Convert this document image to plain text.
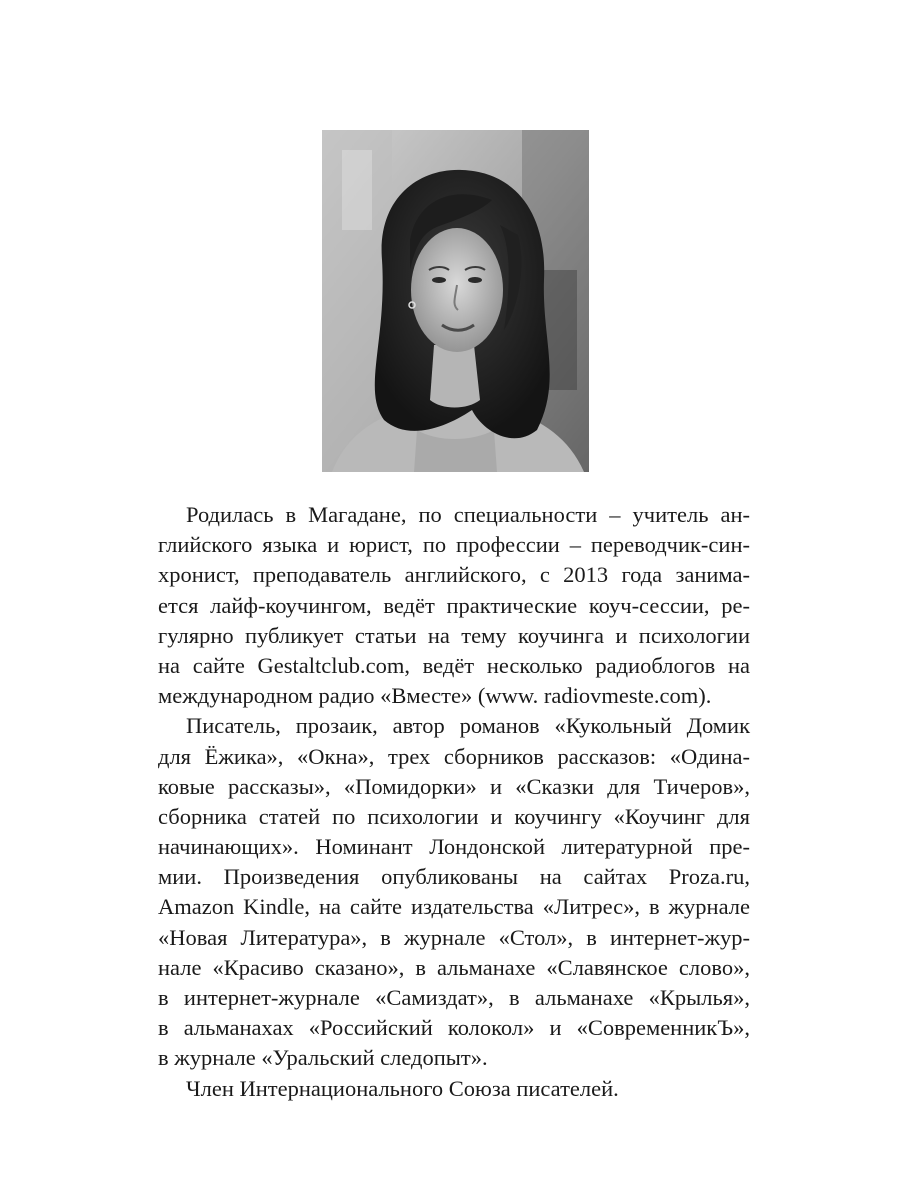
Родилась в Магадане, по специальности – учитель ан-
глийского языка и юрист, по профессии – переводчик-син-
хронист, преподаватель английского, с 2013 года занима-
ется лайф-коучингом, ведёт практические коуч-сессии, ре-
гулярно публикует статьи на тему коучинга и психологии
на сайте Gestaltclub.com, ведёт несколько радиоблогов на
международном радио «Вместе» (www. radiovmeste.com).
Писатель, прозаик, автор романов «Кукольный Домик
для Ёжика», «Окна», трех сборников рассказов: «Одина-
ковые рассказы», «Помидорки» и «Сказки для Тичеров»,
сборника статей по психологии и коучингу «Коучинг для
начинающих». Номинант Лондонской литературной пре-
мии. Произведения опубликованы на сайтах Proza.ru,
Amazon Kindle, на сайте издательства «Литрес», в журнале
«Новая Литература», в журнале «Стол», в интернет-жур-
нале «Красиво сказано», в альманахе «Славянское слово»,
в интернет-журнале «Самиздат», в альманахе «Крылья»,
в альманахах «Российский колокол» и «СовременникЪ»,
в журнале «Уральский следопыт».
Член Интернационального Союза писателей.
